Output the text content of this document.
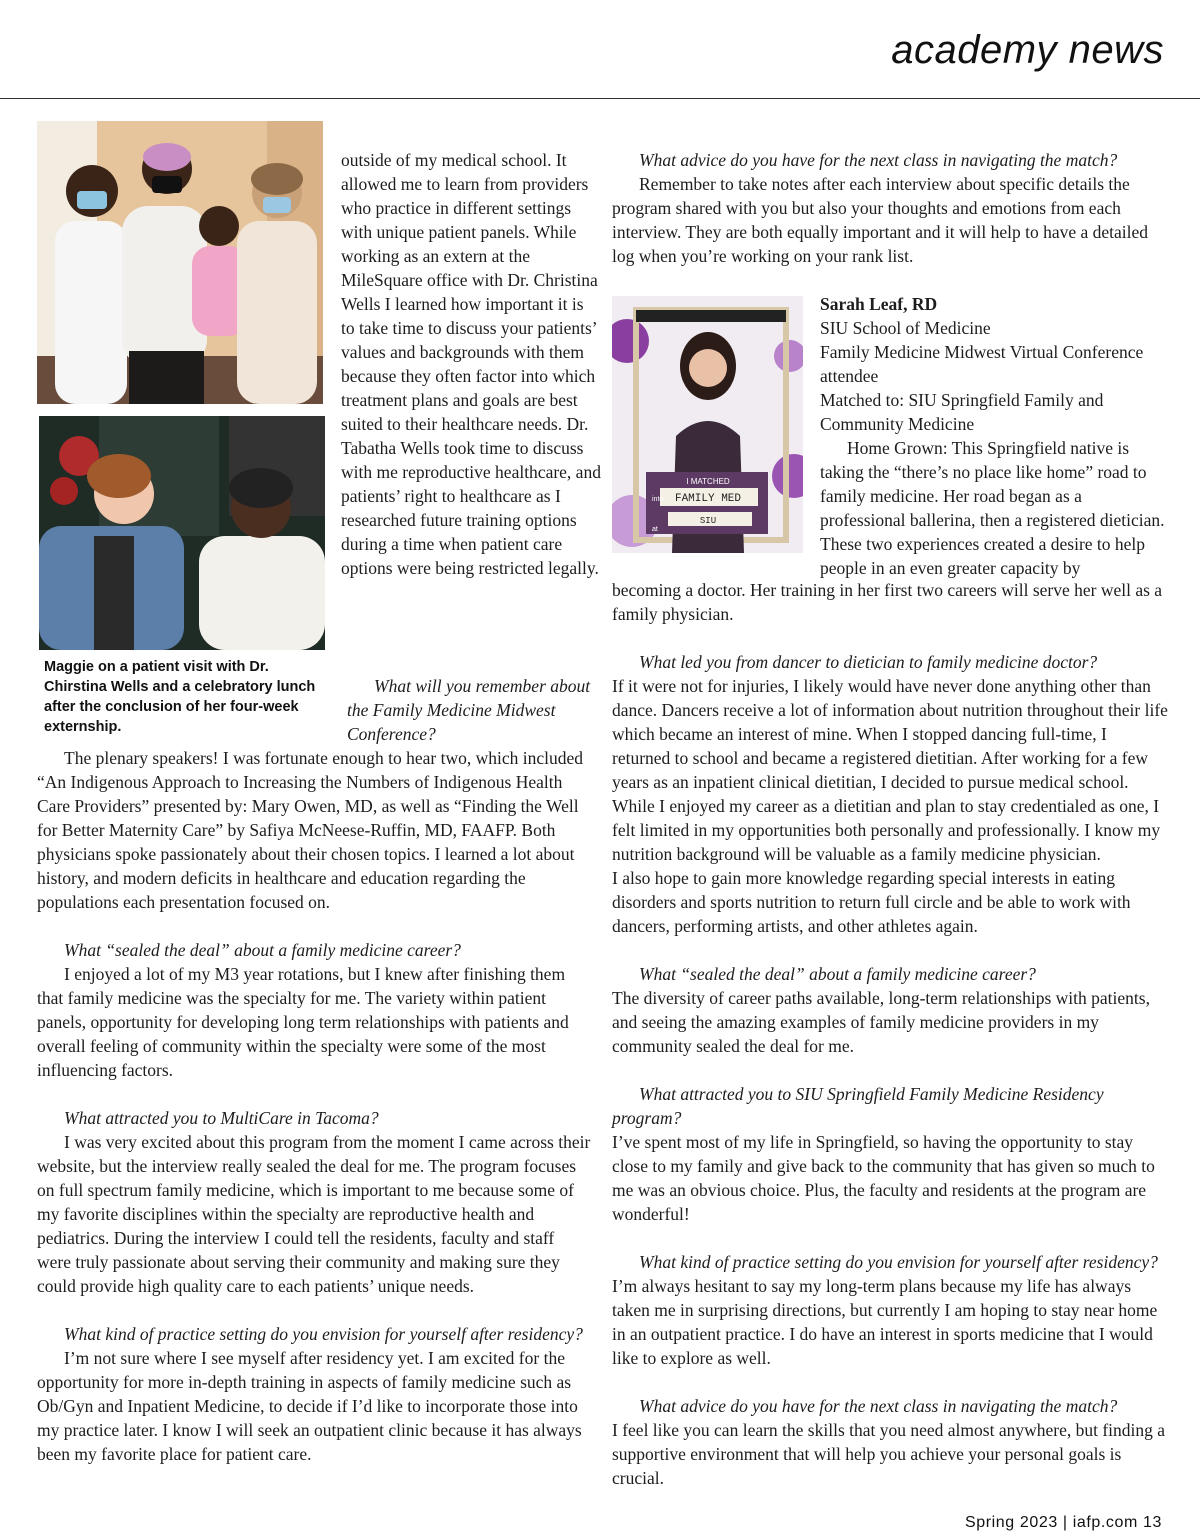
academy news
Maggie on a patient visit with Dr. Chirstina Wells and a celebratory lunch after the conclusion of her four-week externship.

outside of my medical school. It allowed me to learn from providers who practice in different settings with unique patient panels. While working as an extern at the MileSquare office with Dr. Christina Wells I learned how important it is to take time to discuss your patients’ values and backgrounds with them because they often factor into which treatment plans and goals are best suited to their healthcare needs. Dr. Tabatha Wells took time to discuss with me reproductive healthcare, and patients’ right to healthcare as I researched future training options during a time when patient care options were being restricted legally.

What will you remember about the Family Medicine Midwest Conference?

The plenary speakers! I was fortunate enough to hear two, which included “An Indigenous Approach to Increasing the Numbers of Indigenous Health Care Providers” presented by: Mary Owen, MD, as well as “Finding the Well for Better Maternity Care” by Safiya McNeese-Ruffin, MD, FAAFP. Both physicians spoke passionately about their chosen topics. I learned a lot about history, and modern deficits in healthcare and education regarding the populations each presentation focused on.

What “sealed the deal” about a family medicine career?

I enjoyed a lot of my M3 year rotations, but I knew after finishing them that family medicine was the specialty for me. The variety within patient panels, opportunity for developing long term relationships with patients and overall feeling of community within the specialty were some of the most influencing factors.

What attracted you to MultiCare in Tacoma?

I was very excited about this program from the moment I came across their website, but the interview really sealed the deal for me. The program focuses on full spectrum family medicine, which is important to me because some of my favorite disciplines within the specialty are reproductive health and pediatrics. During the interview I could tell the residents, faculty and staff were truly passionate about serving their community and making sure they could provide high quality care to each patients’ unique needs.

What kind of practice setting do you envision for yourself after residency?

I’m not sure where I see myself after residency yet. I am excited for the opportunity for more in-depth training in aspects of family medicine such as Ob/Gyn and Inpatient Medicine, to decide if I’d like to incorporate those into my practice later. I know I will seek an outpatient clinic because it has always been my favorite place for patient care.

What advice do you have for the next class in navigating the match?

Remember to take notes after each interview about specific details the program shared with you but also your thoughts and emotions from each interview. They are both equally important and it will help to have a detailed log when you’re working on your rank list.

I MATCHED
FAMILY MED
SIU
into
at

Sarah Leaf, RD

SIU School of Medicine

Family Medicine Midwest Virtual Conference attendee

Matched to: SIU Springfield Family and Community Medicine

Home Grown: This Springfield native is taking the “there’s no place like home” road to family medicine. Her road began as a professional ballerina, then a registered dietician. These two experiences created a desire to help people in an even greater capacity by

becoming a doctor. Her training in her first two careers will serve her well as a family physician.

What led you from dancer to dietician to family medicine doctor?

If it were not for injuries, I likely would have never done anything other than dance. Dancers receive a lot of information about nutrition throughout their life which became an interest of mine. When I stopped dancing full-time, I returned to school and became a registered dietitian. After working for a few years as an inpatient clinical dietitian, I decided to pursue medical school. While I enjoyed my career as a dietitian and plan to stay credentialed as one, I felt limited in my opportunities both personally and professionally. I know my nutrition background will be valuable as a family medicine physician.

I also hope to gain more knowledge regarding special interests in eating disorders and sports nutrition to return full circle and be able to work with dancers, performing artists, and other athletes again.

What “sealed the deal” about a family medicine career?

The diversity of career paths available, long-term relationships with patients, and seeing the amazing examples of family medicine providers in my community sealed the deal for me.

What attracted you to SIU Springfield Family Medicine Residency program?

I’ve spent most of my life in Springfield, so having the opportunity to stay close to my family and give back to the community that has given so much to me was an obvious choice. Plus, the faculty and residents at the program are wonderful!

What kind of practice setting do you envision for yourself after residency?

I’m always hesitant to say my long-term plans because my life has always taken me in surprising directions, but currently I am hoping to stay near home in an outpatient practice. I do have an interest in sports medicine that I would like to explore as well.

What advice do you have for the next class in navigating the match?

I feel like you can learn the skills that you need almost anywhere, but finding a supportive environment that will help you achieve your personal goals is crucial.

Spring 2023 | iafp.com 13
